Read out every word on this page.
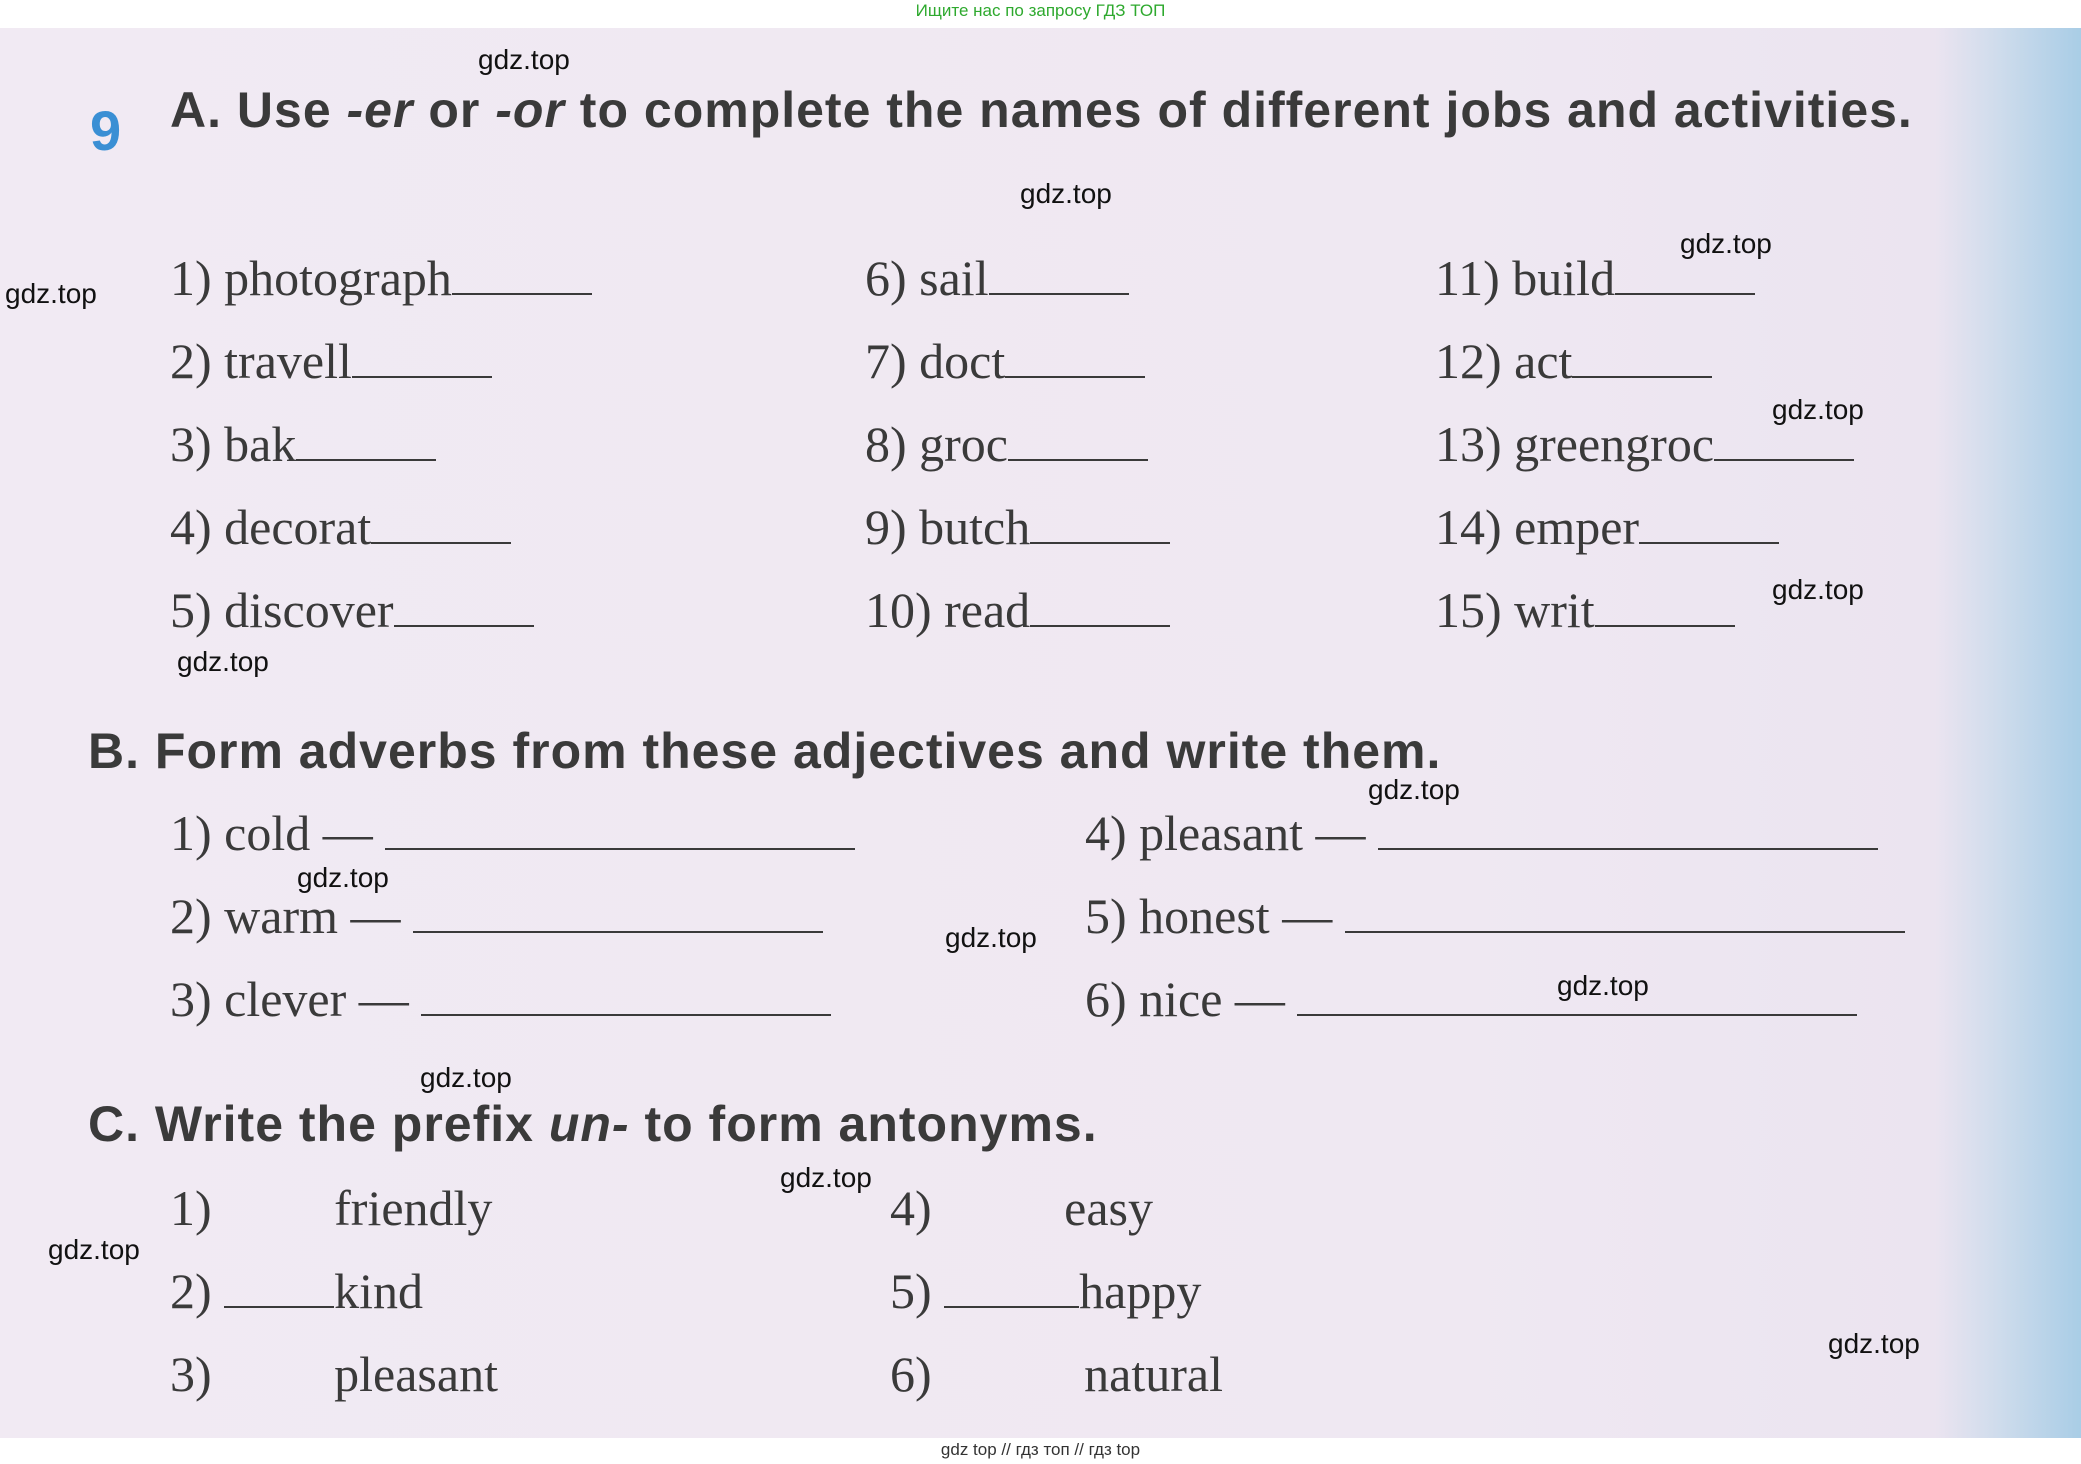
Ищите нас по запросу ГДЗ ТОП
9 A. Use -er or -or to complete the names of different jobs and activities.
1) photograph
2) travell
3) bak
4) decorat
5) discover
6) sail
7) doct
8) groc
9) butch
10) read
11) build
12) act
13) greengroc
14) emper
15) writ
B. Form adverbs from these adjectives and write them.
1) cold —
2) warm —
3) clever —
4) pleasant —
5) honest —
6) nice —
C. Write the prefix un- to form antonyms.
1) friendly
2) kind
3) pleasant
4)	easy
5)	happy
6)	natural
gdz.top
gdz.top
gdz.top
gdz.top
gdz.top
gdz.top
gdz.top
gdz.top
gdz.top
gdz.top
gdz.top
gdz.top
gdz.top
gdz.top
gdz.top
gdz top // гдз топ // гдз top
